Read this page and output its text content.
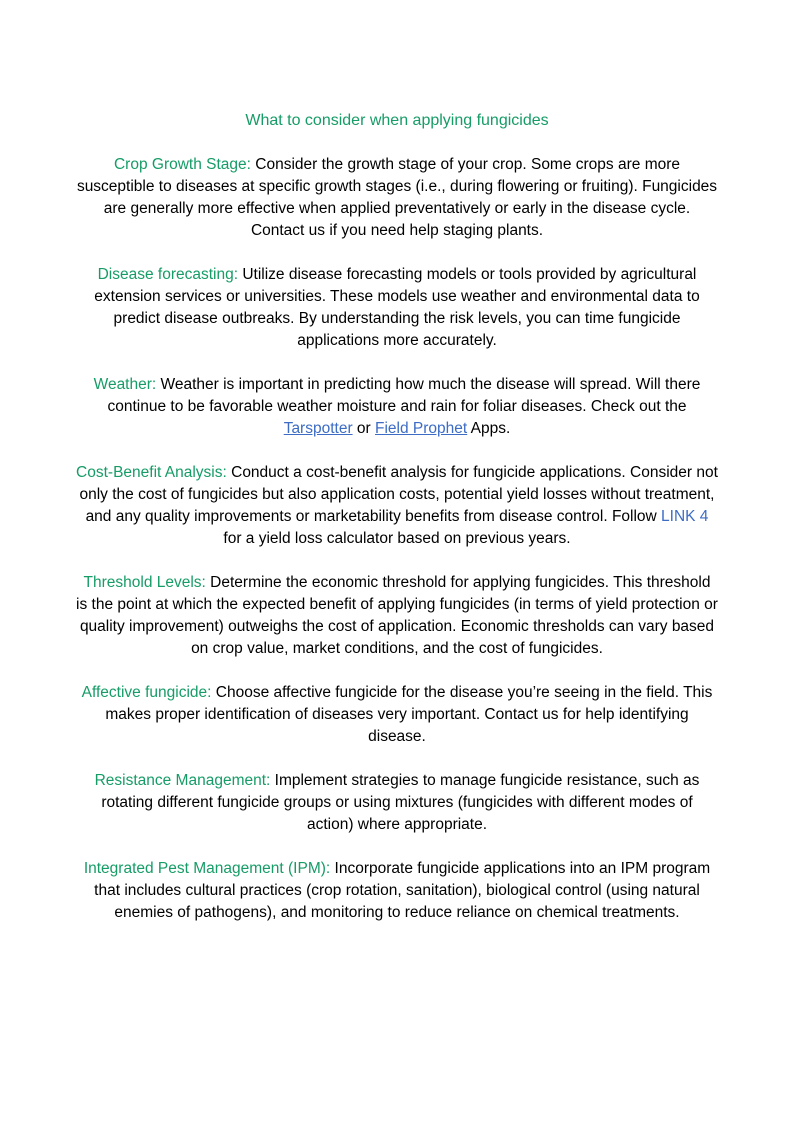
What to consider when applying fungicides

Crop Growth Stage: Consider the growth stage of your crop. Some crops are more susceptible to diseases at specific growth stages (i.e., during flowering or fruiting). Fungicides are generally more effective when applied preventatively or early in the disease cycle. Contact us if you need help staging plants.

Disease forecasting: Utilize disease forecasting models or tools provided by agricultural extension services or universities. These models use weather and environmental data to predict disease outbreaks. By understanding the risk levels, you can time fungicide applications more accurately.

Weather: Weather is important in predicting how much the disease will spread. Will there continue to be favorable weather moisture and rain for foliar diseases. Check out the Tarspotter or Field Prophet Apps.

Cost-Benefit Analysis: Conduct a cost-benefit analysis for fungicide applications. Consider not only the cost of fungicides but also application costs, potential yield losses without treatment, and any quality improvements or marketability benefits from disease control. Follow LINK 4 for a yield loss calculator based on previous years.

Threshold Levels: Determine the economic threshold for applying fungicides. This threshold is the point at which the expected benefit of applying fungicides (in terms of yield protection or quality improvement) outweighs the cost of application. Economic thresholds can vary based on crop value, market conditions, and the cost of fungicides.

Affective fungicide: Choose affective fungicide for the disease you’re seeing in the field. This makes proper identification of diseases very important. Contact us for help identifying disease.

Resistance Management: Implement strategies to manage fungicide resistance, such as rotating different fungicide groups or using mixtures (fungicides with different modes of action) where appropriate.

Integrated Pest Management (IPM): Incorporate fungicide applications into an IPM program that includes cultural practices (crop rotation, sanitation), biological control (using natural enemies of pathogens), and monitoring to reduce reliance on chemical treatments.
